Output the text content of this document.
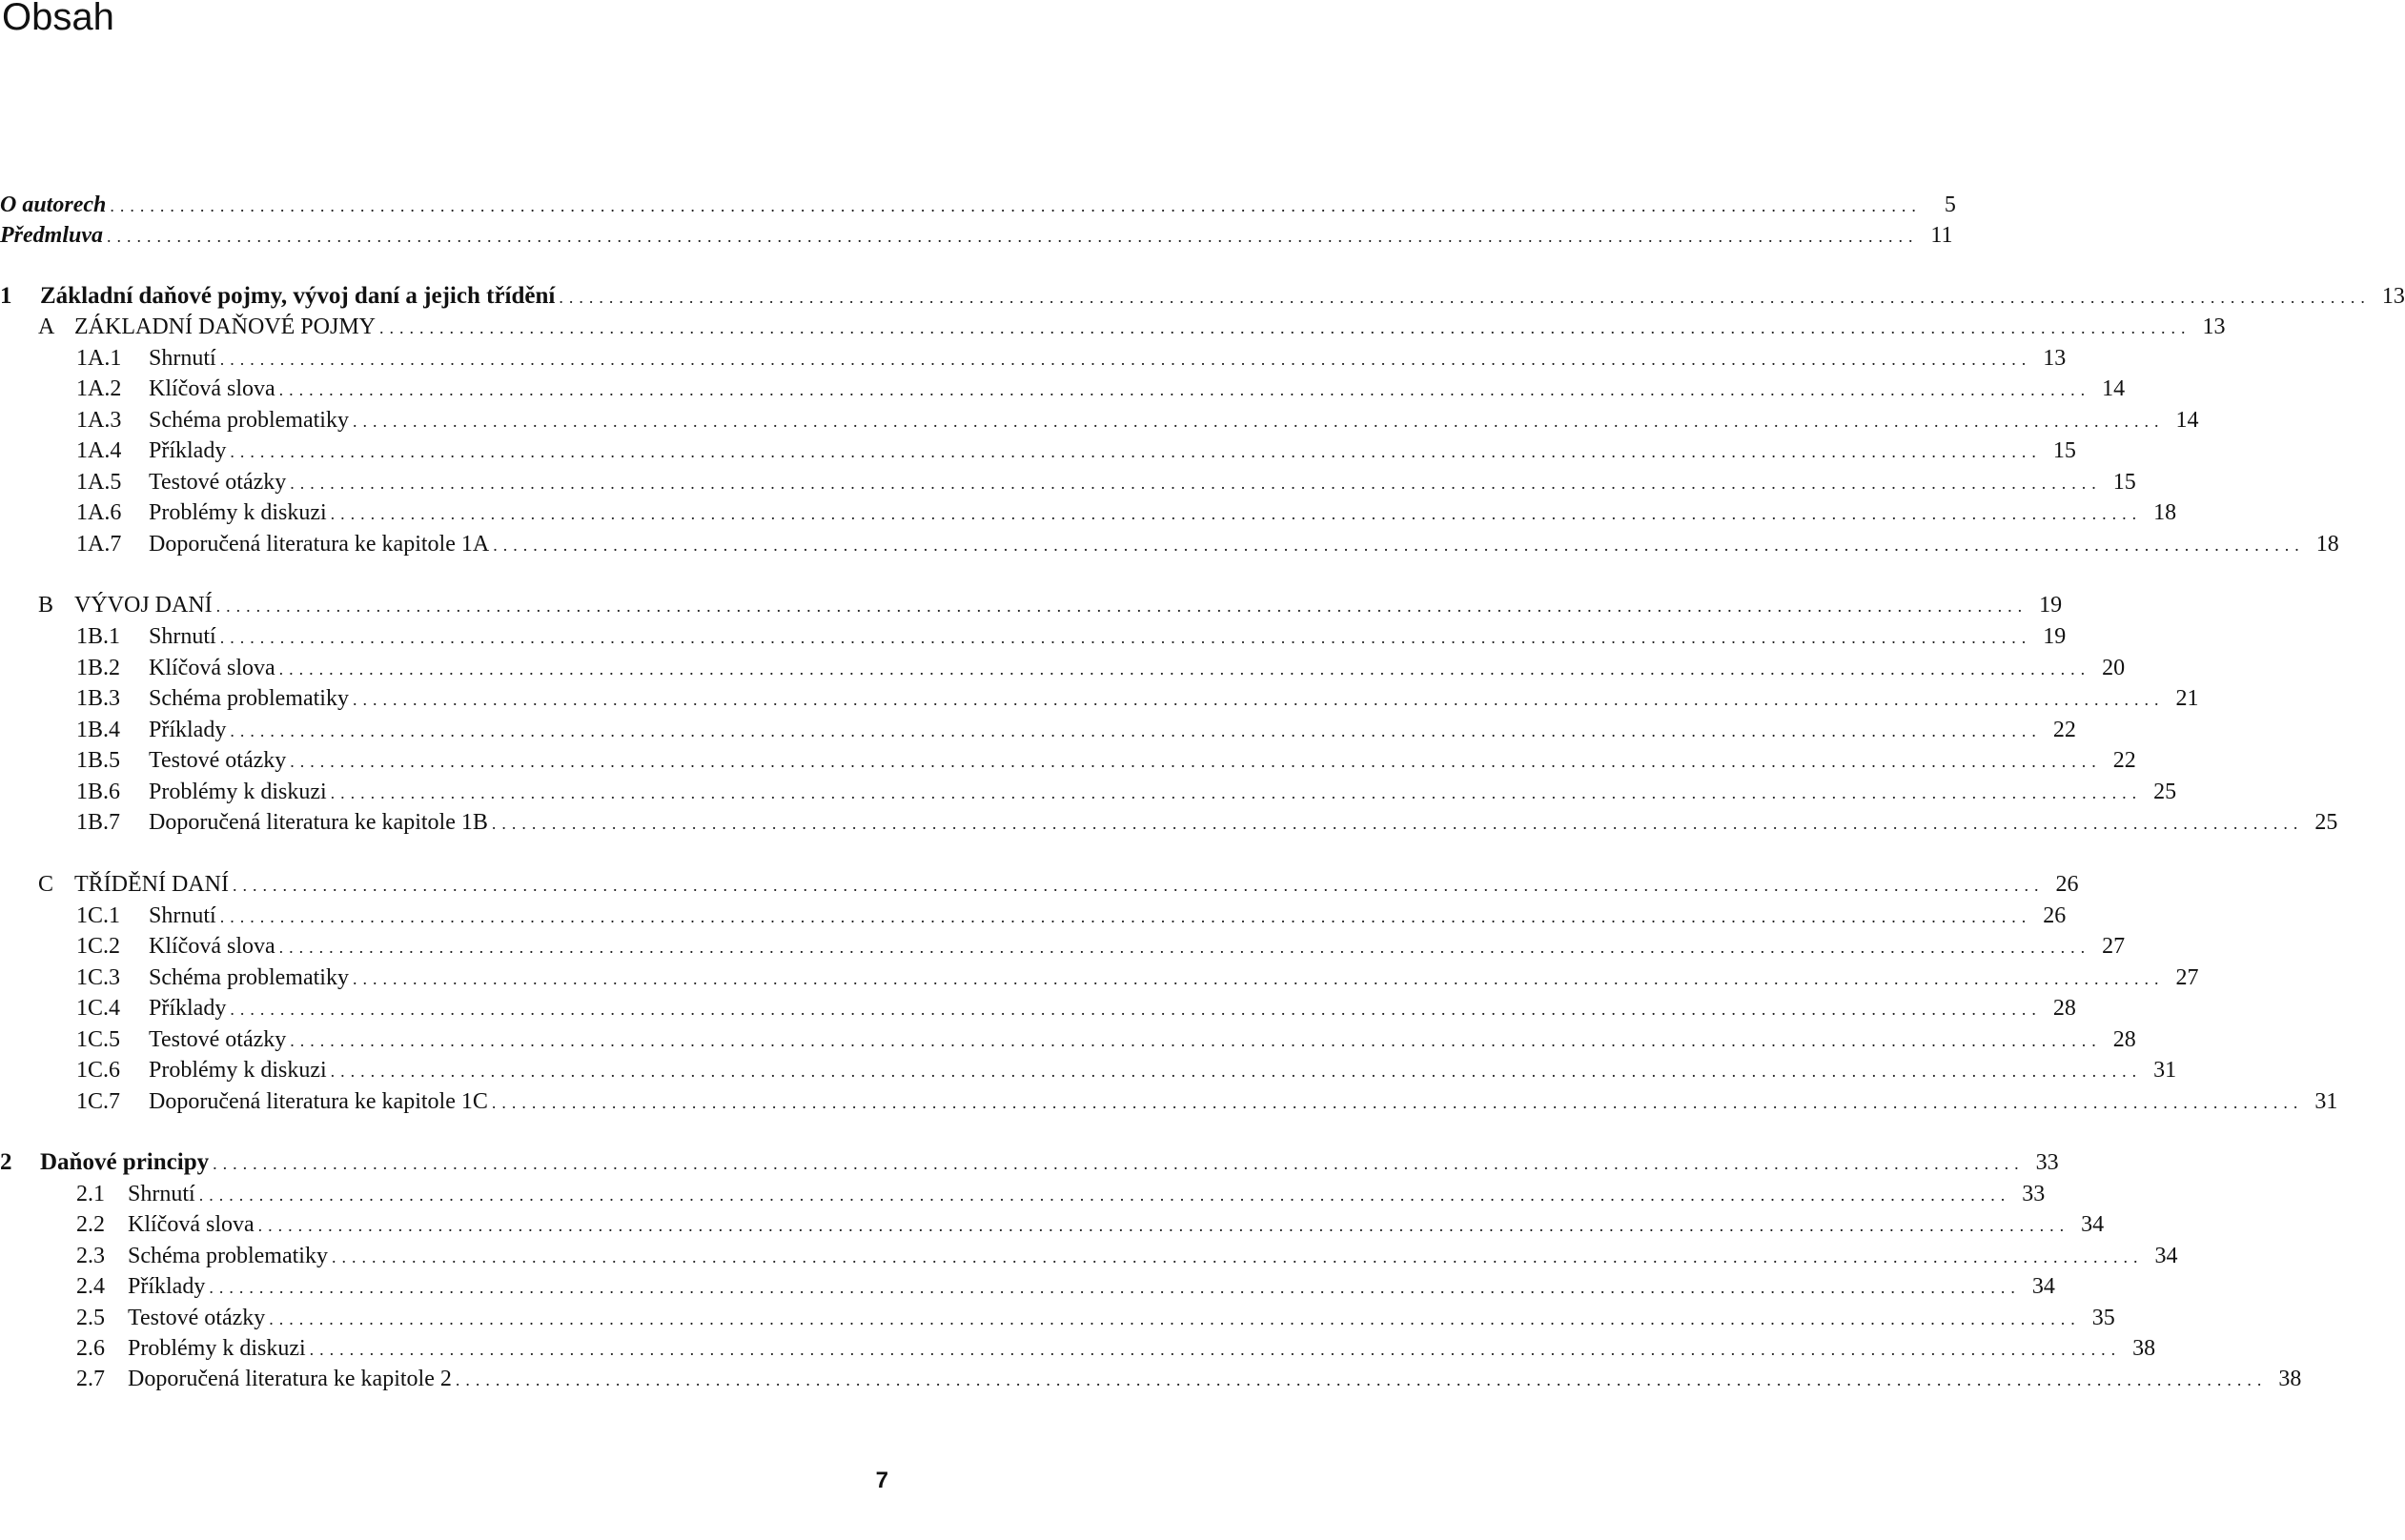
Obsah
O autorech .....................................................................................................................................................................................	5
Předmluva ..................................................................................................................................................................................... 11
1	Základní daňové pojmy, vývoj daní a jejich třídění ..................................................................................................................................................................................... 13
A ZÁKLADNÍ DAŇOVÉ POJMY ..................................................................................................................................................................................... 13
1A.1	Shrnutí ..................................................................................................................................................................................... 13
1A.2	Klíčová slova ..................................................................................................................................................................................... 14
1A.3	Schéma problematiky ..................................................................................................................................................................................... 14
1A.4	Příklady ..................................................................................................................................................................................... 15
1A.5	Testové otázky ..................................................................................................................................................................................... 15
1A.6	Problémy k diskuzi ..................................................................................................................................................................................... 18
1A.7	Doporučená literatura ke kapitole 1A ..................................................................................................................................................................................... 18
B VÝVOJ DANÍ ..................................................................................................................................................................................... 19
1B.1	Shrnutí ..................................................................................................................................................................................... 19
1B.2	Klíčová slova ..................................................................................................................................................................................... 20
1B.3	Schéma problematiky ..................................................................................................................................................................................... 21
1B.4	Příklady ..................................................................................................................................................................................... 22
1B.5	Testové otázky ..................................................................................................................................................................................... 22
1B.6	Problémy k diskuzi ..................................................................................................................................................................................... 25
1B.7	Doporučená literatura ke kapitole 1B ..................................................................................................................................................................................... 25
C TŘÍDĚNÍ DANÍ ..................................................................................................................................................................................... 26
1C.1	Shrnutí ..................................................................................................................................................................................... 26
1C.2	Klíčová slova ..................................................................................................................................................................................... 27
1C.3	Schéma problematiky ..................................................................................................................................................................................... 27
1C.4	Příklady ..................................................................................................................................................................................... 28
1C.5	Testové otázky ..................................................................................................................................................................................... 28
1C.6	Problémy k diskuzi ..................................................................................................................................................................................... 31
1C.7	Doporučená literatura ke kapitole 1C ..................................................................................................................................................................................... 31
2	Daňové principy ..................................................................................................................................................................................... 33
2.1	Shrnutí ..................................................................................................................................................................................... 33
2.2	Klíčová slova ..................................................................................................................................................................................... 34
2.3	Schéma problematiky ..................................................................................................................................................................................... 34
2.4	Příklady ..................................................................................................................................................................................... 34
2.5	Testové otázky ..................................................................................................................................................................................... 35
2.6	Problémy k diskuzi ..................................................................................................................................................................................... 38
2.7	Doporučená literatura ke kapitole 2 ..................................................................................................................................................................................... 38
7
